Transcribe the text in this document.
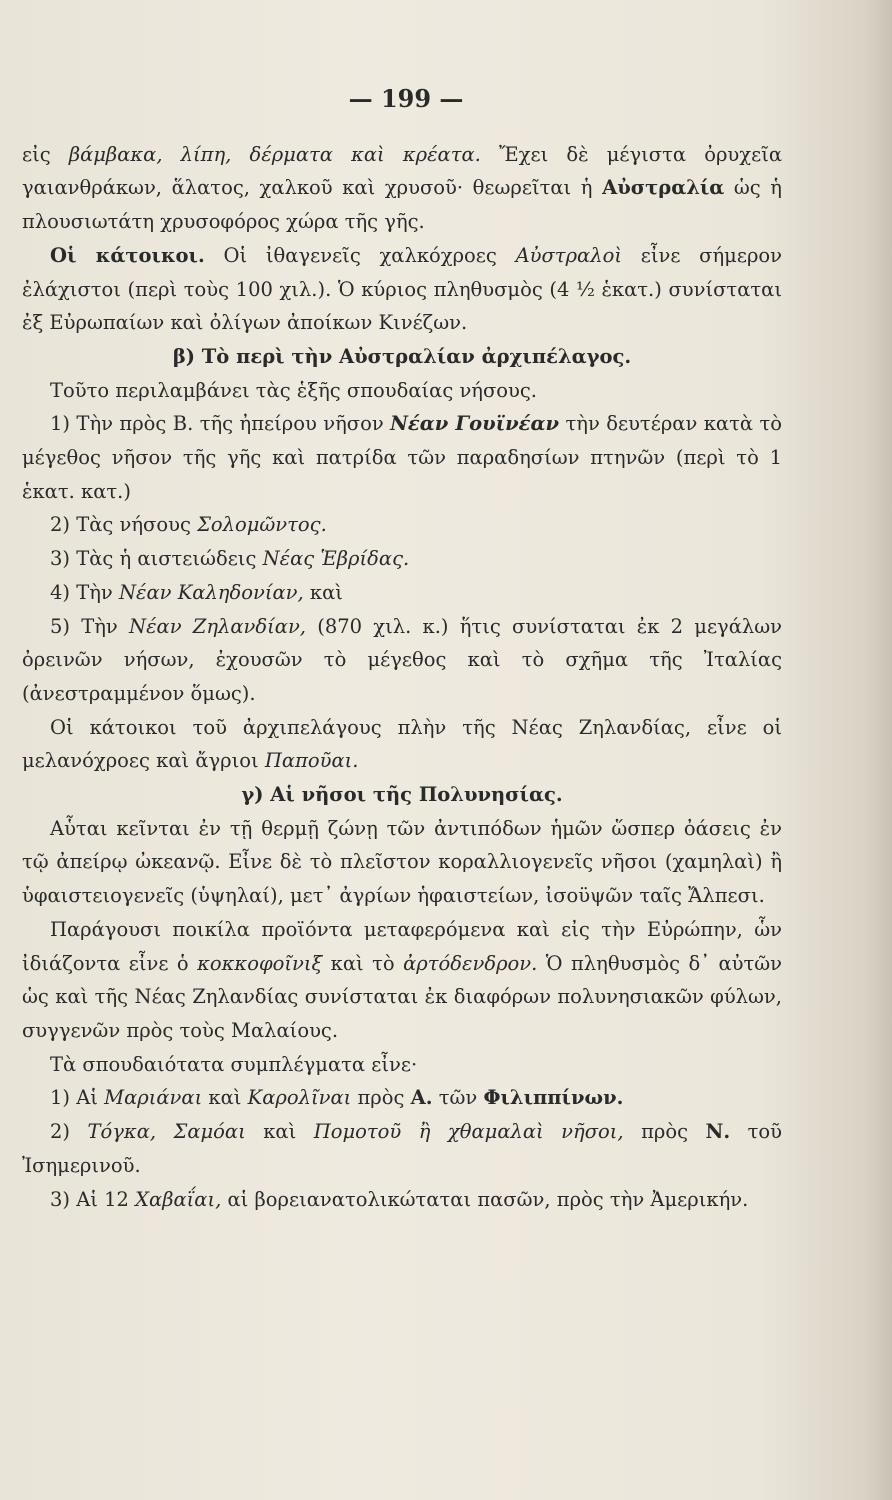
— 199 —

εἰς βάμβακα, λίπη, δέρματα καὶ κρέατα. Ἔχει δὲ μέγιστα ὀρυχεῖα γαιανθράκων, ἅλατος, χαλκοῦ καὶ χρυσοῦ· θεωρεῖται ἡ Αὐστραλία ὡς ἡ πλουσιωτάτη χρυσοφόρος χώρα τῆς γῆς.

Οἱ κάτοικοι. Οἱ ἰθαγενεῖς χαλκόχροες Αὐστραλοὶ εἶνε σήμερον ἐλάχιστοι (περὶ τοὺς 100 χιλ.). Ὁ κύριος πληθυσμὸς (4 ½ ἑκατ.) συνίσταται ἐξ Εὐρωπαίων καὶ ὀλίγων ἀποίκων Κινέζων.

β) Τὸ περὶ τὴν Αὐστραλίαν ἀρχιπέλαγος.

Τοῦτο περιλαμβάνει τὰς ἑξῆς σπουδαίας νήσους.

1) Τὴν πρὸς Β. τῆς ἠπείρου νῆσον Νέαν Γουϊνέαν τὴν δευτέραν κατὰ τὸ μέγεθος νῆσον τῆς γῆς καὶ πατρίδα τῶν παραδησίων πτηνῶν (περὶ τὸ 1 ἑκατ. κατ.)

2) Τὰς νήσους Σολομῶντος.

3) Τὰς ἡ αιστειώδεις Νέας Ἑβρίδας.

4) Τὴν Νέαν Καληδονίαν, καὶ

5) Τὴν Νέαν Ζηλανδίαν, (870 χιλ. κ.) ἥτις συνίσταται ἐκ 2 μεγάλων ὀρεινῶν νήσων, ἐχουσῶν τὸ μέγεθος καὶ τὸ σχῆμα τῆς Ἰταλίας (ἀνεστραμμένον ὅμως).

Οἱ κάτοικοι τοῦ ἀρχιπελάγους πλὴν τῆς Νέας Ζηλανδίας, εἶνε οἱ μελανόχροες καὶ ἄγριοι Παποῦαι.

γ) Αἱ νῆσοι τῆς Πολυνησίας.

Αὗται κεῖνται ἐν τῇ θερμῇ ζώνῃ τῶν ἀντιπόδων ἡμῶν ὥσπερ ὀάσεις ἐν τῷ ἀπείρῳ ὠκεανῷ. Εἶνε δὲ τὸ πλεῖστον κοραλλιογενεῖς νῆσοι (χαμηλαὶ) ἢ ὑφαιστειογενεῖς (ὑψηλαί), μετ᾽ ἀγρίων ἡφαιστείων, ἰσοϋψῶν ταῖς Ἄλπεσι.

Παράγουσι ποικίλα προϊόντα μεταφερόμενα καὶ εἰς τὴν Εὐρώπην, ὧν ἰδιάζοντα εἶνε ὁ κοκκοφοῖνιξ καὶ τὸ ἀρτόδενδρον. Ὁ πληθυσμὸς δ᾽ αὐτῶν ὡς καὶ τῆς Νέας Ζηλανδίας συνίσταται ἐκ διαφόρων πολυνησιακῶν φύλων, συγγενῶν πρὸς τοὺς Μαλαίους.

Τὰ σπουδαιότατα συμπλέγματα εἶνε·

1) Αἱ Μαριάναι καὶ Καρολῖναι πρὸς Α. τῶν Φιλιππίνων.

2) Τόγκα, Σαμόαι καὶ Πομοτοῦ ἢ χθαμαλαὶ νῆσοι, πρὸς Ν. τοῦ Ἰσημερινοῦ.

3) Αἱ 12 Χαβαΐαι, αἱ βορειανατολικώταται πασῶν, πρὸς τὴν Ἀμερικήν.
